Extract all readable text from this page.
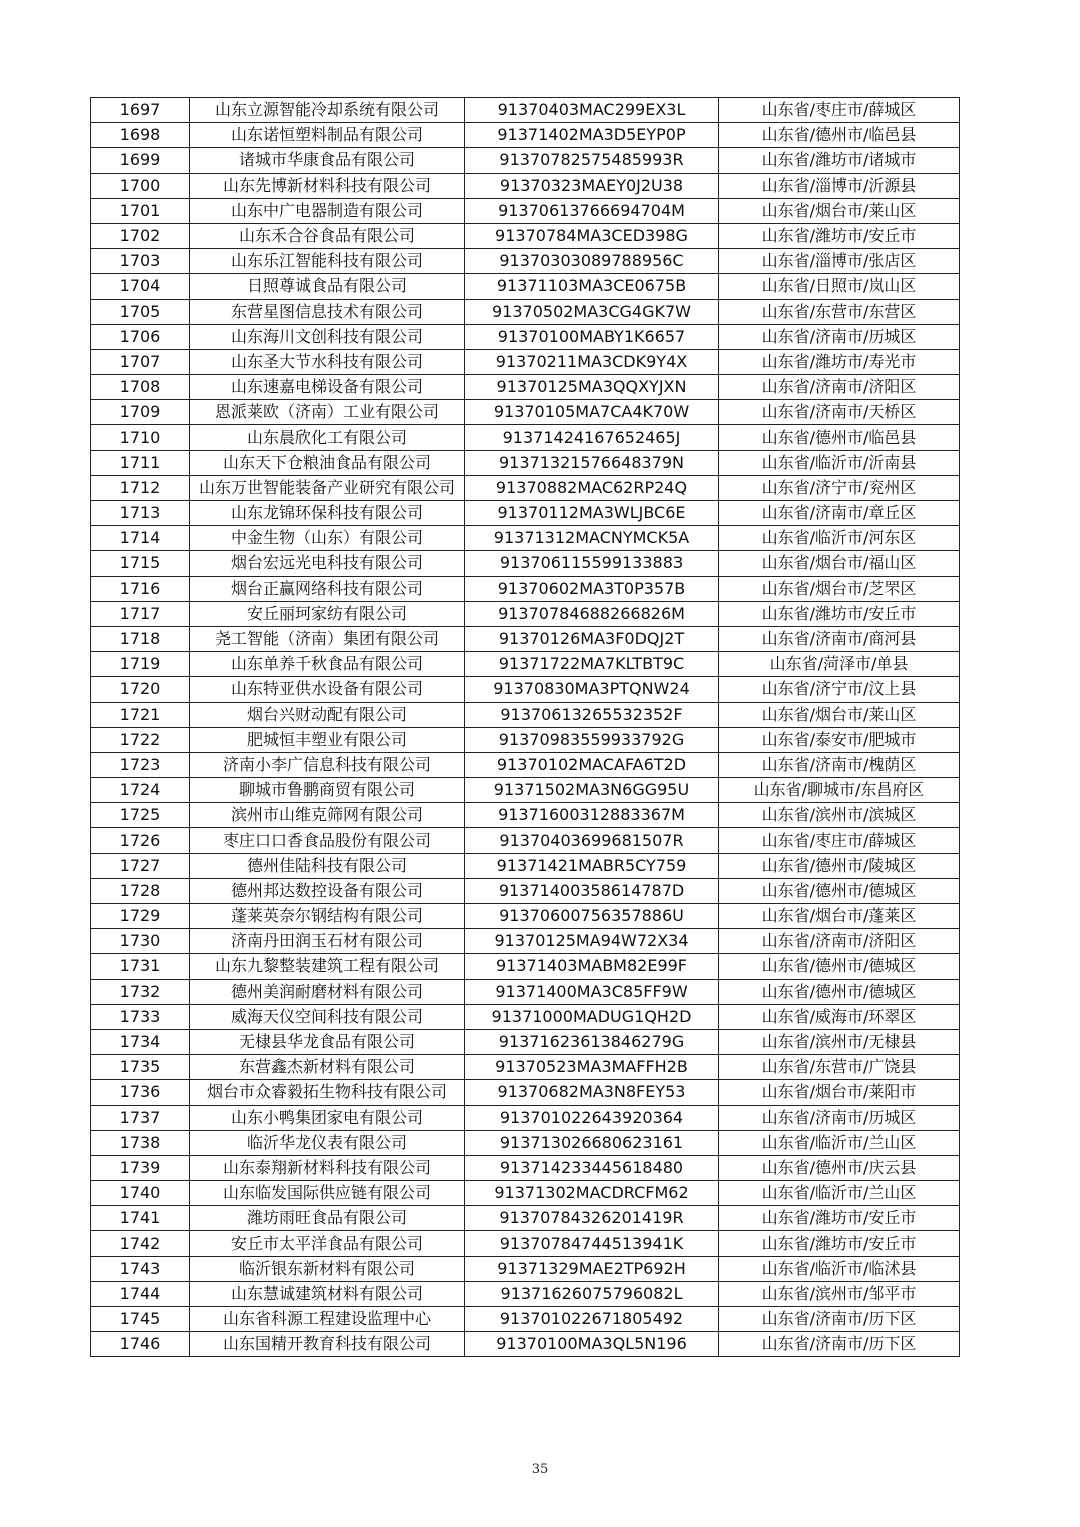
1697	山东立源智能冷却系统有限公司	91370403MAC299EX3L	山东省/枣庄市/薛城区
1698	山东诺恒塑料制品有限公司	91371402MA3D5EYP0P	山东省/德州市/临邑县
1699	诸城市华康食品有限公司	91370782575485993R	山东省/潍坊市/诸城市
1700	山东先博新材料科技有限公司	91370323MAEY0J2U38	山东省/淄博市/沂源县
1701	山东中广电器制造有限公司	91370613766694704M	山东省/烟台市/莱山区
1702	山东禾合谷食品有限公司	91370784MA3CED398G	山东省/潍坊市/安丘市
1703	山东乐江智能科技有限公司	91370303089788956C	山东省/淄博市/张店区
1704	日照尊诚食品有限公司	91371103MA3CE0675B	山东省/日照市/岚山区
1705	东营星图信息技术有限公司	91370502MA3CG4GK7W	山东省/东营市/东营区
1706	山东海川文创科技有限公司	91370100MABY1K6657	山东省/济南市/历城区
1707	山东圣大节水科技有限公司	91370211MA3CDK9Y4X	山东省/潍坊市/寿光市
1708	山东速嘉电梯设备有限公司	91370125MA3QQXYJXN	山东省/济南市/济阳区
1709	恩派莱欧（济南）工业有限公司	91370105MA7CA4K70W	山东省/济南市/天桥区
1710	山东晨欣化工有限公司	91371424167652465J	山东省/德州市/临邑县
1711	山东天下仓粮油食品有限公司	91371321576648379N	山东省/临沂市/沂南县
1712	山东万世智能装备产业研究有限公司	91370882MAC62RP24Q	山东省/济宁市/兖州区
1713	山东龙锦环保科技有限公司	91370112MA3WLJBC6E	山东省/济南市/章丘区
1714	中金生物（山东）有限公司	91371312MACNYMCK5A	山东省/临沂市/河东区
1715	烟台宏远光电科技有限公司	91370611559913388З	山东省/烟台市/福山区
1716	烟台正赢网络科技有限公司	91370602MA3T0P357B	山东省/烟台市/芝罘区
1717	安丘丽珂家纺有限公司	91370784688266826M	山东省/潍坊市/安丘市
1718	尧工智能（济南）集团有限公司	91370126MA3F0DQJ2T	山东省/济南市/商河县
1719	山东单养千秋食品有限公司	91371722MA7KLTBT9C	山东省/菏泽市/单县
1720	山东特亚供水设备有限公司	91370830MA3PTQNW24	山东省/济宁市/汶上县
1721	烟台兴财动配有限公司	91370613265532352F	山东省/烟台市/莱山区
1722	肥城恒丰塑业有限公司	91370983559933792G	山东省/泰安市/肥城市
1723	济南小李广信息科技有限公司	91370102MACAFA6T2D	山东省/济南市/槐荫区
1724	聊城市鲁鹏商贸有限公司	91371502MA3N6GG95U	山东省/聊城市/东昌府区
1725	滨州市山维克筛网有限公司	91371600312883367M	山东省/滨州市/滨城区
1726	枣庄口口香食品股份有限公司	91370403699681507R	山东省/枣庄市/薛城区
1727	德州佳陆科技有限公司	91371421MABR5CY759	山东省/德州市/陵城区
1728	德州邦达数控设备有限公司	91371400358614787D	山东省/德州市/德城区
1729	蓬莱英奈尔钢结构有限公司	91370600756357886U	山东省/烟台市/蓬莱区
1730	济南丹田润玉石材有限公司	91370125MA94W72X34	山东省/济南市/济阳区
1731	山东九黎整装建筑工程有限公司	91371403MABM82E99F	山东省/德州市/德城区
1732	德州美润耐磨材料有限公司	91371400MA3C85FF9W	山东省/德州市/德城区
1733	威海天仪空间科技有限公司	91371000MADUG1QH2D	山东省/威海市/环翠区
1734	无棣县华龙食品有限公司	91371623613846279G	山东省/滨州市/无棣县
1735	东营鑫杰新材料有限公司	91370523MA3MAFFH2B	山东省/东营市/广饶县
1736	烟台市众睿毅拓生物科技有限公司	91370682MA3N8FEY53	山东省/烟台市/莱阳市
1737	山东小鸭集团家电有限公司	913701022643920364	山东省/济南市/历城区
1738	临沂华龙仪表有限公司	913713026680623161	山东省/临沂市/兰山区
1739	山东泰翔新材料科技有限公司	913714233445618480	山东省/德州市/庆云县
1740	山东临发国际供应链有限公司	91371302MACDRCFM62	山东省/临沂市/兰山区
1741	潍坊雨旺食品有限公司	91370784326201419R	山东省/潍坊市/安丘市
1742	安丘市太平洋食品有限公司	91370784744513941K	山东省/潍坊市/安丘市
1743	临沂银东新材料有限公司	91371329MAE2TP692H	山东省/临沂市/临沭县
1744	山东慧诚建筑材料有限公司	91371626075796082L	山东省/滨州市/邹平市
1745	山东省科源工程建设监理中心	913701022671805492	山东省/济南市/历下区
1746	山东国精开教育科技有限公司	91370100MA3QL5N196	山东省/济南市/历下区
35
